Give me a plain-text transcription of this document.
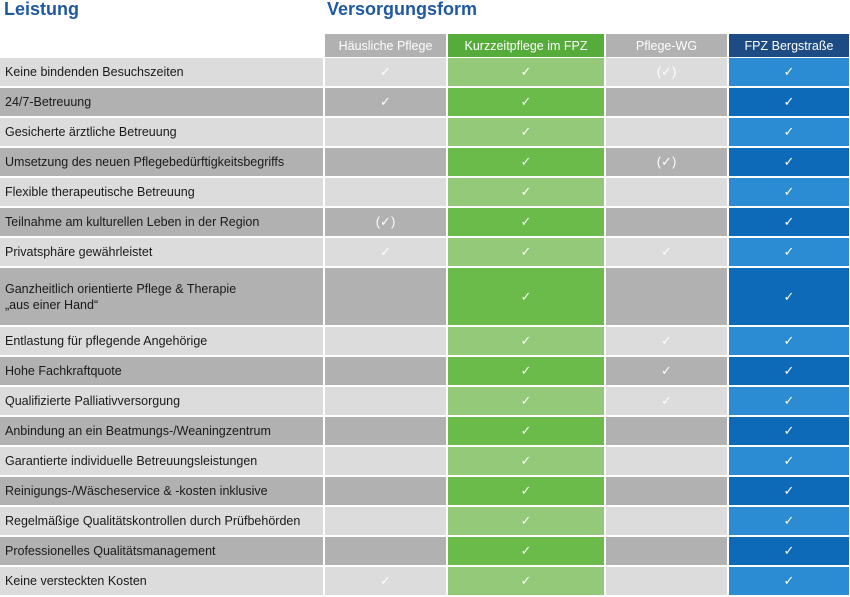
Leistung	Versorgungsform
	Häusliche Pflege	Kurzzeitpflege im FPZ	Pflege-WG	FPZ Bergstraße
Keine bindenden Besuchszeiten	✓	✓	(✓)	✓
24/7-Betreuung	✓	✓		✓
Gesicherte ärztliche Betreuung		✓		✓
Umsetzung des neuen Pflegebedürftigkeitsbegriffs		✓	(✓)	✓
Flexible therapeutische Betreuung		✓		✓
Teilnahme am kulturellen Leben in der Region	(✓)	✓		✓
Privatsphäre gewährleistet	✓	✓	✓	✓
Ganzheitlich orientierte Pflege & Therapie
„aus einer Hand“		✓		✓
Entlastung für pflegende Angehörige		✓	✓	✓
Hohe Fachkraftquote		✓	✓	✓
Qualifizierte Palliativversorgung		✓	✓	✓
Anbindung an ein Beatmungs-/Weaningzentrum		✓		✓
Garantierte individuelle Betreuungsleistungen		✓		✓
Reinigungs-/Wäscheservice & -kosten inklusive		✓		✓
Regelmäßige Qualitätskontrollen durch Prüfbehörden		✓		✓
Professionelles Qualitätsmanagement		✓		✓
Keine versteckten Kosten	✓	✓		✓
